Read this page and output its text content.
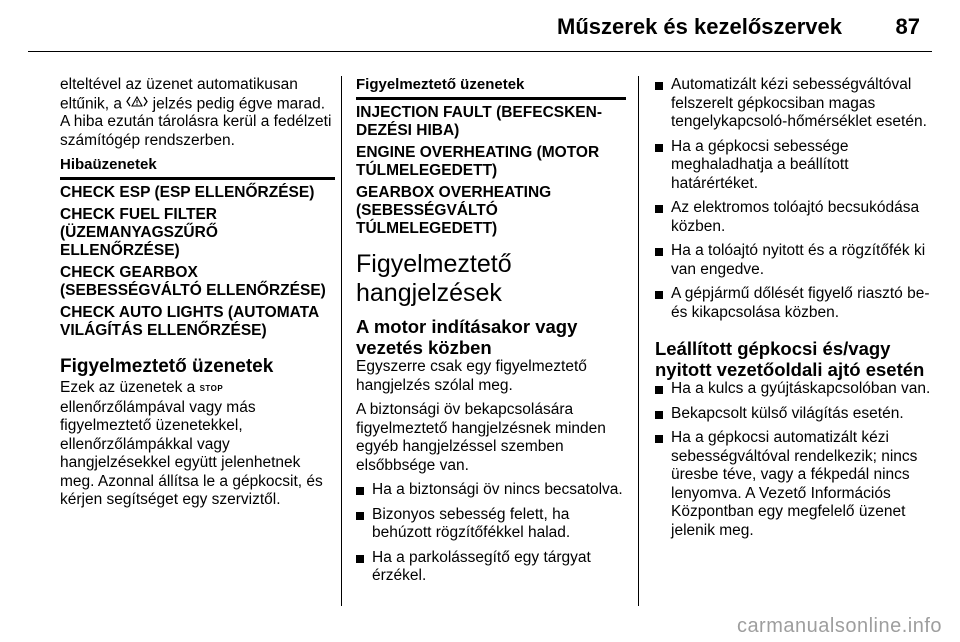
Műszerek és kezelőszervek 87

elteltével az üzenet automatikusan eltűnik, a jelzés pedig égve marad. A hiba ezután tárolásra kerül a fedélzeti számítógép rendszerben.

Hibaüzenetek
CHECK ESP (ESP ELLENŐRZÉSE)
CHECK FUEL FILTER (ÜZEMANYAGSZŰRŐ ELLENŐRZÉSE)
CHECK GEARBOX (SEBESSÉGVÁLTÓ ELLENŐRZÉSE)
CHECK AUTO LIGHTS (AUTOMATA VILÁGÍTÁS ELLENŐRZÉSE)
Figyelmeztető üzenetek

Ezek az üzenetek a STOP ellenőrzőlámpával vagy más figyelmeztető üzenetekkel, ellenőrzőlámpákkal vagy hangjelzésekkel együtt jelenhetnek meg. Azonnal állítsa le a gépkocsit, és kérjen segítséget egy szerviztől.

Figyelmeztető üzenetek
INJECTION FAULT (BEFECSKEN-DEZÉSI HIBA)
ENGINE OVERHEATING (MOTOR TÚLMELEGEDETT)
GEARBOX OVERHEATING (SEBESSÉGVÁLTÓ TÚLMELEGEDETT)
Figyelmeztető hangjelzések
A motor indításakor vagy vezetés közben

Egyszerre csak egy figyelmeztető hangjelzés szólal meg.

A biztonsági öv bekapcsolására figyelmeztető hangjelzésnek minden egyéb hangjelzéssel szemben elsőbbsége van.

Ha a biztonsági öv nincs becsatolva.
Bizonyos sebesség felett, ha behúzott rögzítőfékkel halad.
Ha a parkolássegítő egy tárgyat érzékel.
Automatizált kézi sebességváltóval felszerelt gépkocsiban magas tengelykapcsoló-hőmérséklet esetén.
Ha a gépkocsi sebessége meghaladhatja a beállított határértéket.
Az elektromos tolóajtó becsukódása közben.
Ha a tolóajtó nyitott és a rögzítőfék ki van engedve.
A gépjármű dőlését figyelő riasztó be- és kikapcsolása közben.
Leállított gépkocsi és/vagy nyitott vezetőoldali ajtó esetén
Ha a kulcs a gyújtáskapcsolóban van.
Bekapcsolt külső világítás esetén.
Ha a gépkocsi automatizált kézi sebességváltóval rendelkezik; nincs üresbe téve, vagy a fékpedál nincs lenyomva. A Vezető Információs Központban egy megfelelő üzenet jelenik meg.
carmanualsonline.info
